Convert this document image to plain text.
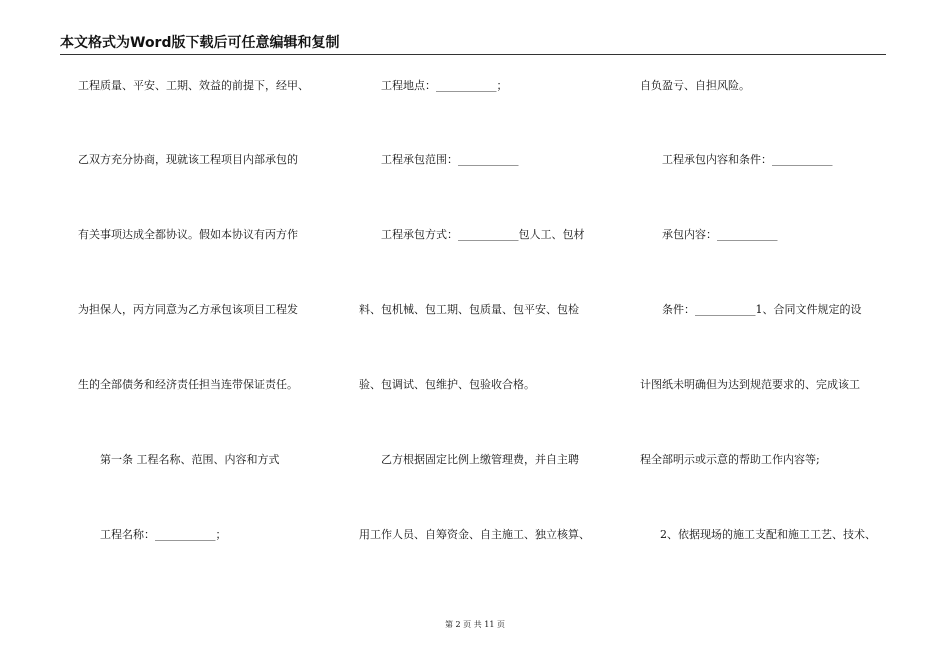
本文格式为Word版下载后可任意编辑和复制
工程质量、平安、工期、效益的前提下，经甲、
乙双方充分协商，现就该工程项目内部承包的
有关事项达成全都协议。假如本协议有丙方作
为担保人，丙方同意为乙方承包该项目工程发
生的全部债务和经济责任担当连带保证责任。
第一条 工程名称、范围、内容和方式
工程名称：___________；
工程地点：___________；
工程承包范围：___________
工程承包方式：___________包人工、包材
料、包机械、包工期、包质量、包平安、包检
验、包调试、包维护、包验收合格。
乙方根据固定比例上缴管理费，并自主聘
用工作人员、自筹资金、自主施工、独立核算、
自负盈亏、自担风险。
工程承包内容和条件：___________
承包内容：___________
条件：___________1、合同文件规定的设
计图纸未明确但为达到规范要求的、完成该工
程全部明示或示意的帮助工作内容等;
2、依据现场的施工支配和施工工艺、技术、
第 2 页 共 11 页
